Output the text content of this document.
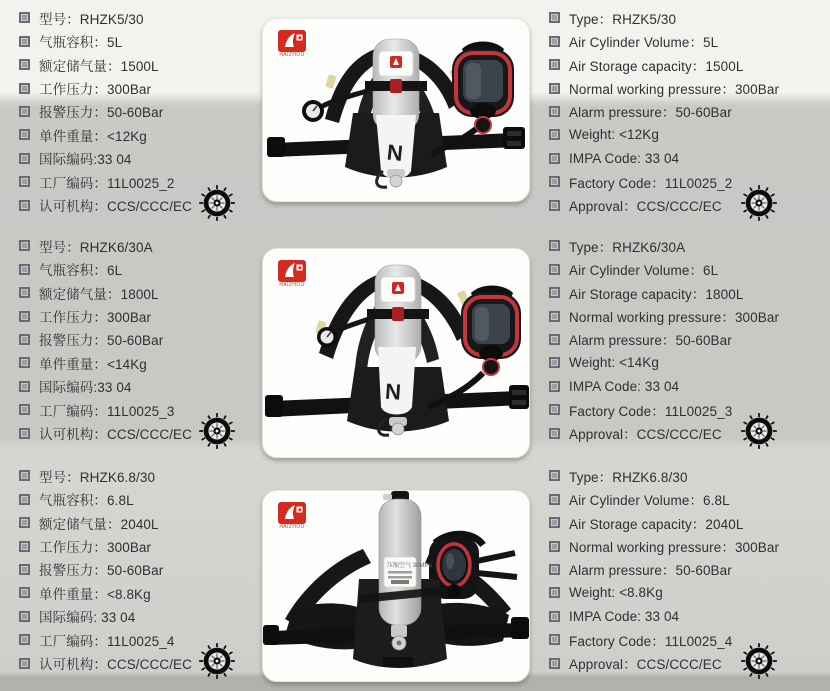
型号：RHZK5/30
气瓶容积：5L
额定储气量：1500L
工作压力：300Bar
报警压力：50-60Bar
单件重量：<12Kg
国际编码:33 04
工厂编码：11L0025_2
认可机构：CCS/CCC/EC
HAIZHOU
N
Type：RHZK5/30
Air Cylinder Volume：5L
Air Storage capacity：1500L
Normal working pressure：300Bar
Alarm pressure：50-60Bar
Weight: <12Kg
IMPA Code: 33 04
Factory Code：11L0025_2
Approval：CCS/CCC/EC
型号：RHZK6/30A
气瓶容积：6L
额定储气量：1800L
工作压力：300Bar
报警压力：50-60Bar
单件重量：<14Kg
国际编码:33 04
工厂编码：11L0025_3
认可机构：CCS/CCC/EC
HAIZHOU
N
Type：RHZK6/30A
Air Cylinder Volume：6L
Air Storage capacity：1800L
Normal working pressure：300Bar
Alarm pressure：50-60Bar
Weight: <14Kg
IMPA Code: 33 04
Factory Code：11L0025_3
Approval：CCS/CCC/EC
型号：RHZK6.8/30
气瓶容积：6.8L
额定储气量：2040L
工作压力：300Bar
报警压力：50-60Bar
单件重量：<8.8Kg
国际编码: 33 04
工厂编码：11L0025_4
认可机构：CCS/CCC/EC
HAIZHOU
压缩空气 30MPa
Type：RHZK6.8/30
Air Cylinder Volume：6.8L
Air Storage capacity：2040L
Normal working pressure：300Bar
Alarm pressure：50-60Bar
Weight: <8.8Kg
IMPA Code: 33 04
Factory Code：11L0025_4
Approval：CCS/CCC/EC
